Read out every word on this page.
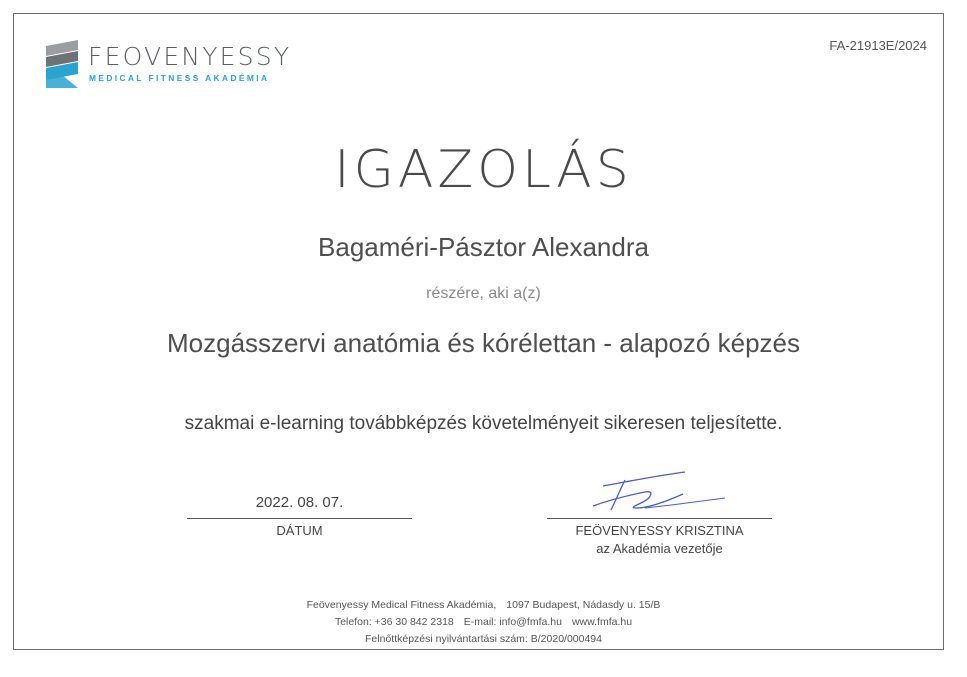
FEOVENYESSY
MEDICAL FITNESS AKADÉMIA
FA-21913E/2024
IGAZOLÁS
Bagaméri-Pásztor Alexandra
részére, aki a(z)
Mozgásszervi anatómia és kórélettan - alapozó képzés
szakmai e-learning továbbképzés követelményeit sikeresen teljesítette.
2022. 08. 07.
DÁTUM	FEÖVENYESSY KRISZTINA
az Akadémia vezetője
Feövenyessy Medical Fitness Akadémia, 1097 Budapest, Nádasdy u. 15/B
Telefon: +36 30 842 2318 E-mail: info@fmfa.hu www.fmfa.hu
Felnőttképzési nyilvántartási szám: B/2020/000494
